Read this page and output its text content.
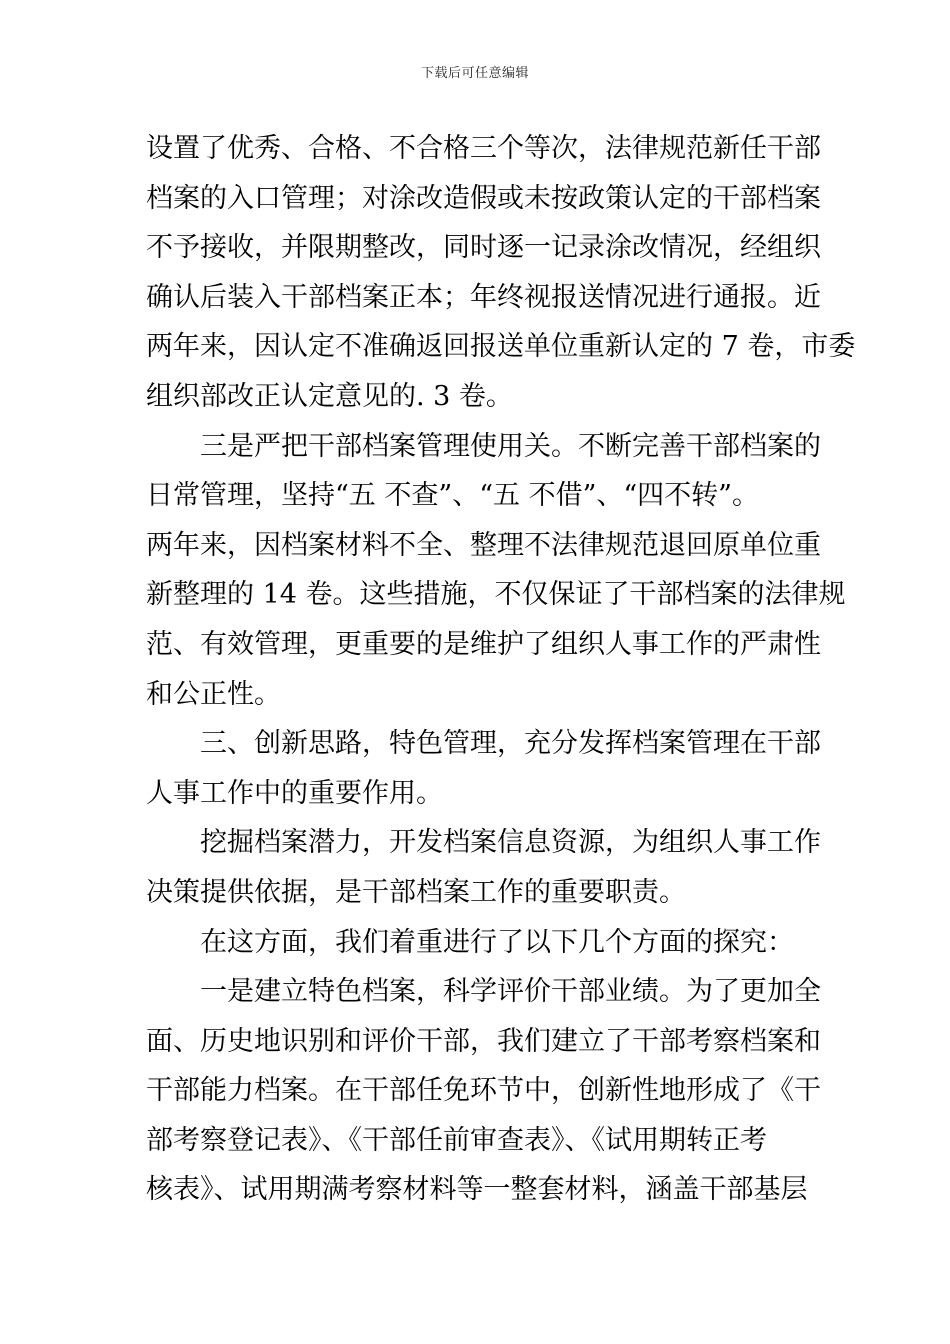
下载后可任意编辑
设置了优秀、合格、不合格三个等次，法律规范新任干部
档案的入口管理；对涂改造假或未按政策认定的干部档案
不予接收，并限期整改，同时逐一记录涂改情况，经组织
确认后装入干部档案正本；年终视报送情况进行通报。近
两年来，因认定不准确返回报送单位重新认定的 7 卷，市委
组织部改正认定意见的. 3 卷。
三是严把干部档案管理使用关。不断完善干部档案的
日常管理，坚持“五 不查”、“五 不借”、“四不转”。
两年来，因档案材料不全、整理不法律规范退回原单位重
新整理的 14 卷。这些措施，不仅保证了干部档案的法律规
范、有效管理，更重要的是维护了组织人事工作的严肃性
和公正性。
三、创新思路，特色管理，充分发挥档案管理在干部
人事工作中的重要作用。
挖掘档案潜力，开发档案信息资源，为组织人事工作
决策提供依据，是干部档案工作的重要职责。
在这方面，我们着重进行了以下几个方面的探究：
一是建立特色档案，科学评价干部业绩。为了更加全
面、历史地识别和评价干部，我们建立了干部考察档案和
干部能力档案。在干部任免环节中，创新性地形成了《干
部考察登记表》、《干部任前审查表》、《试用期转正考
核表》、试用期满考察材料等一整套材料，涵盖干部基层
